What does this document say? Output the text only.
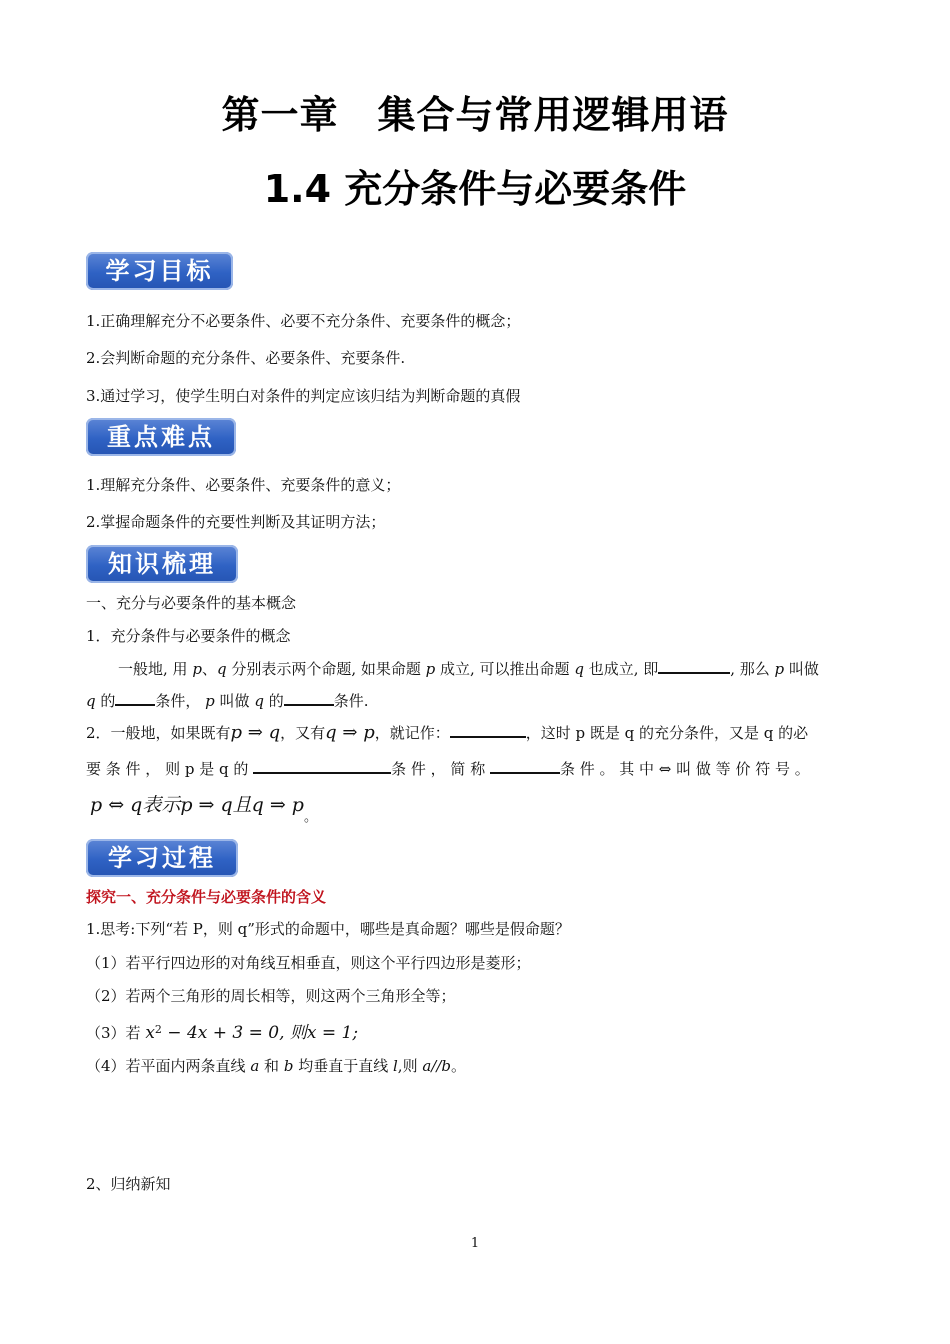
第一章　集合与常用逻辑用语
1.4 充分条件与必要条件
学习目标
1.正确理解充分不必要条件、必要不充分条件、充要条件的概念；
2.会判断命题的充分条件、必要条件、充要条件.
3.通过学习，使学生明白对条件的判定应该归结为判断命题的真假
重点难点
1.理解充分条件、必要条件、充要条件的意义；
2.掌握命题条件的充要性判断及其证明方法；
知识梳理
一、充分与必要条件的基本概念
1．充分条件与必要条件的概念
一般地, 用 p、q 分别表示两个命题, 如果命题 p 成立, 可以推出命题 q 也成立, 即	, 那么 p 叫做
q 的	条件， p 叫做 q 的	条件.
2．一般地，如果既有p ⇒ q，又有q ⇒ p，就记作：	，这时 p 既是 q 的充分条件，又是 q 的必
要 条 件 ， 则 p 是 q 的	条 件 ， 简 称	条 件 。 其 中 ⇔ 叫 做 等 价 符 号 。
p ⇔ q表示p ⇒ q且q ⇒ p。
学习过程
探究一、充分条件与必要条件的含义
1.思考:下列“若 P，则 q”形式的命题中，哪些是真命题？哪些是假命题？
（1）若平行四边形的对角线互相垂直，则这个平行四边形是菱形；
（2）若两个三角形的周长相等，则这两个三角形全等；
（3）若 $x^2 - 4x + 3 = 0$, 则x = 1;
（4）若平面内两条直线 a 和 b 均垂直于直线 l,则 a//b。
2、归纳新知
1
